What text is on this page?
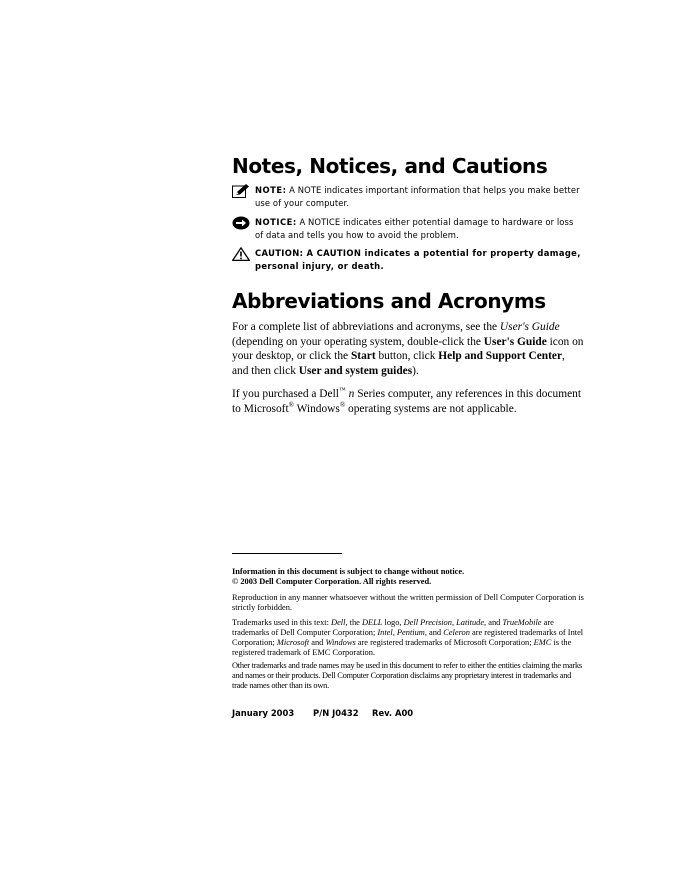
Notes, Notices, and Cautions
NOTE: A NOTE indicates important information that helps you make better use of your computer.
NOTICE: A NOTICE indicates either potential damage to hardware or loss of data and tells you how to avoid the problem.
CAUTION: A CAUTION indicates a potential for property damage, personal injury, or death.
Abbreviations and Acronyms

For a complete list of abbreviations and acronyms, see the User's Guide (depending on your operating system, double-click the User's Guide icon on your desktop, or click the Start button, click Help and Support Center, and then click User and system guides).

If you purchased a Dell™ n Series computer, any references in this document to Microsoft® Windows® operating systems are not applicable.

Information in this document is subject to change without notice.
© 2003 Dell Computer Corporation. All rights reserved.

Reproduction in any manner whatsoever without the written permission of Dell Computer Corporation is strictly forbidden.

Trademarks used in this text: Dell, the DELL logo, Dell Precision, Latitude, and TrueMobile are trademarks of Dell Computer Corporation; Intel, Pentium, and Celeron are registered trademarks of Intel Corporation; Microsoft and Windows are registered trademarks of Microsoft Corporation; EMC is the registered trademark of EMC Corporation.

Other trademarks and trade names may be used in this document to refer to either the entities claiming the marks and names or their products. Dell Computer Corporation disclaims any proprietary interest in trademarks and trade names other than its own.

January 2003 P/N J0432 Rev. A00
